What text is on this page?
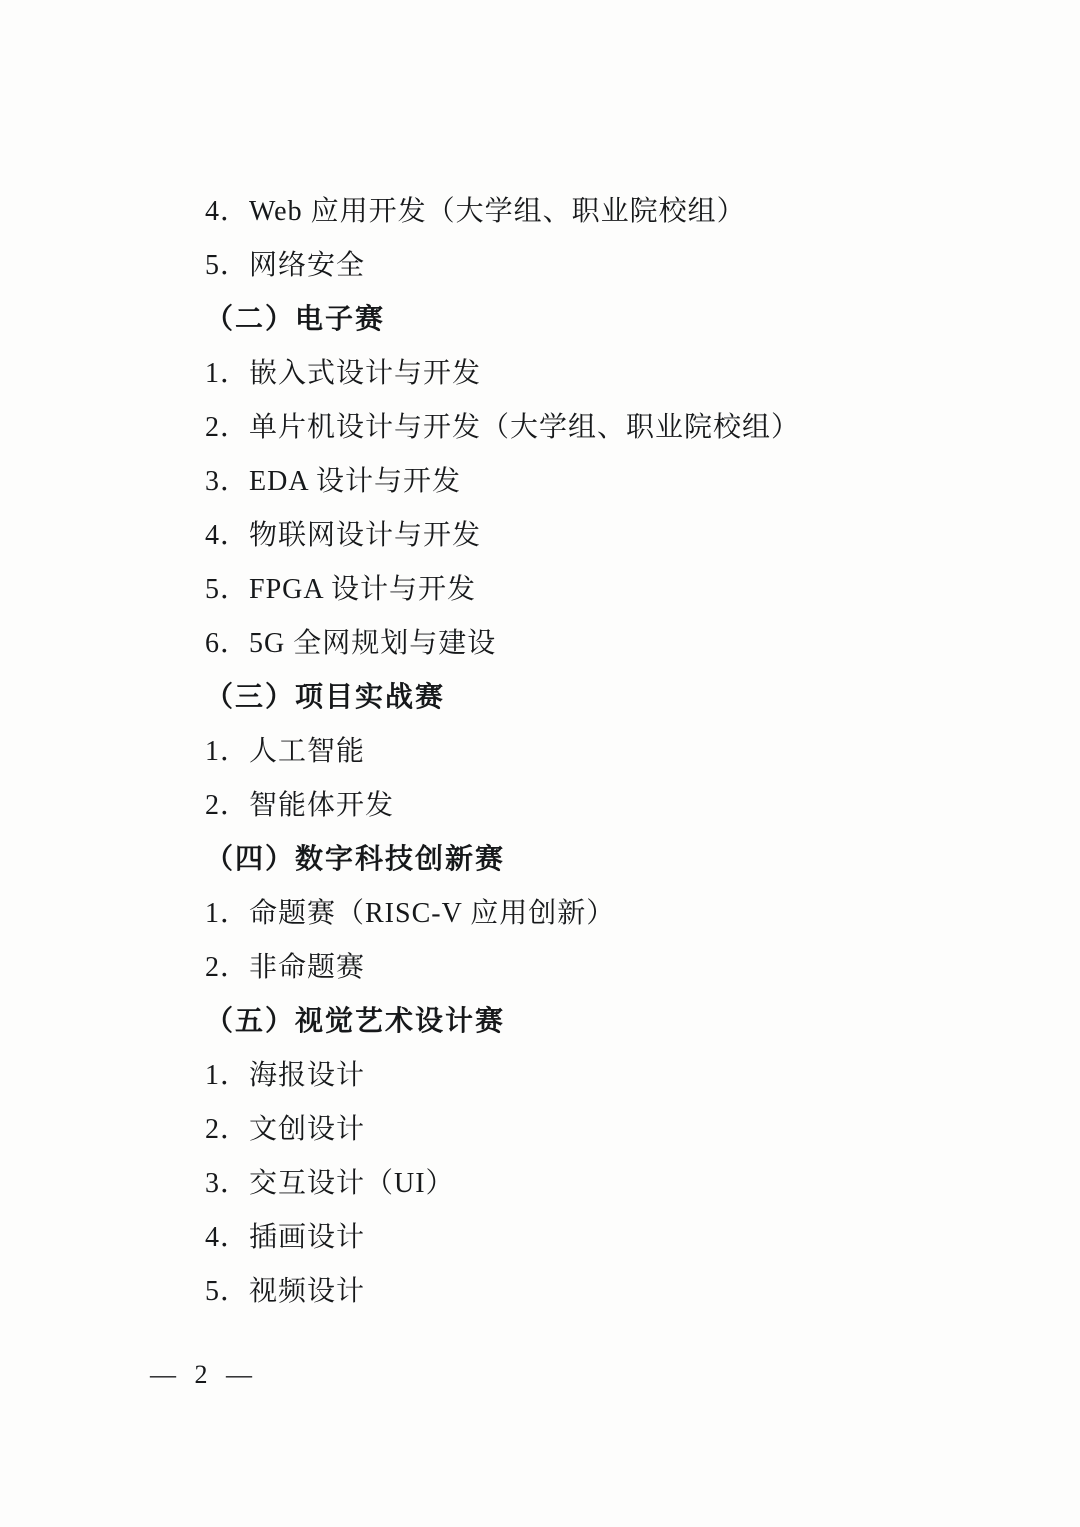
4．Web 应用开发（大学组、职业院校组）
5．网络安全
（二）电子赛
1．嵌入式设计与开发
2．单片机设计与开发（大学组、职业院校组）
3．EDA 设计与开发
4．物联网设计与开发
5．FPGA 设计与开发
6．5G 全网规划与建设
（三）项目实战赛
1．人工智能
2．智能体开发
（四）数字科技创新赛
1．命题赛（RISC-V 应用创新）
2．非命题赛
（五）视觉艺术设计赛
1．海报设计
2．文创设计
3．交互设计（UI）
4．插画设计
5．视频设计
— 2 —
